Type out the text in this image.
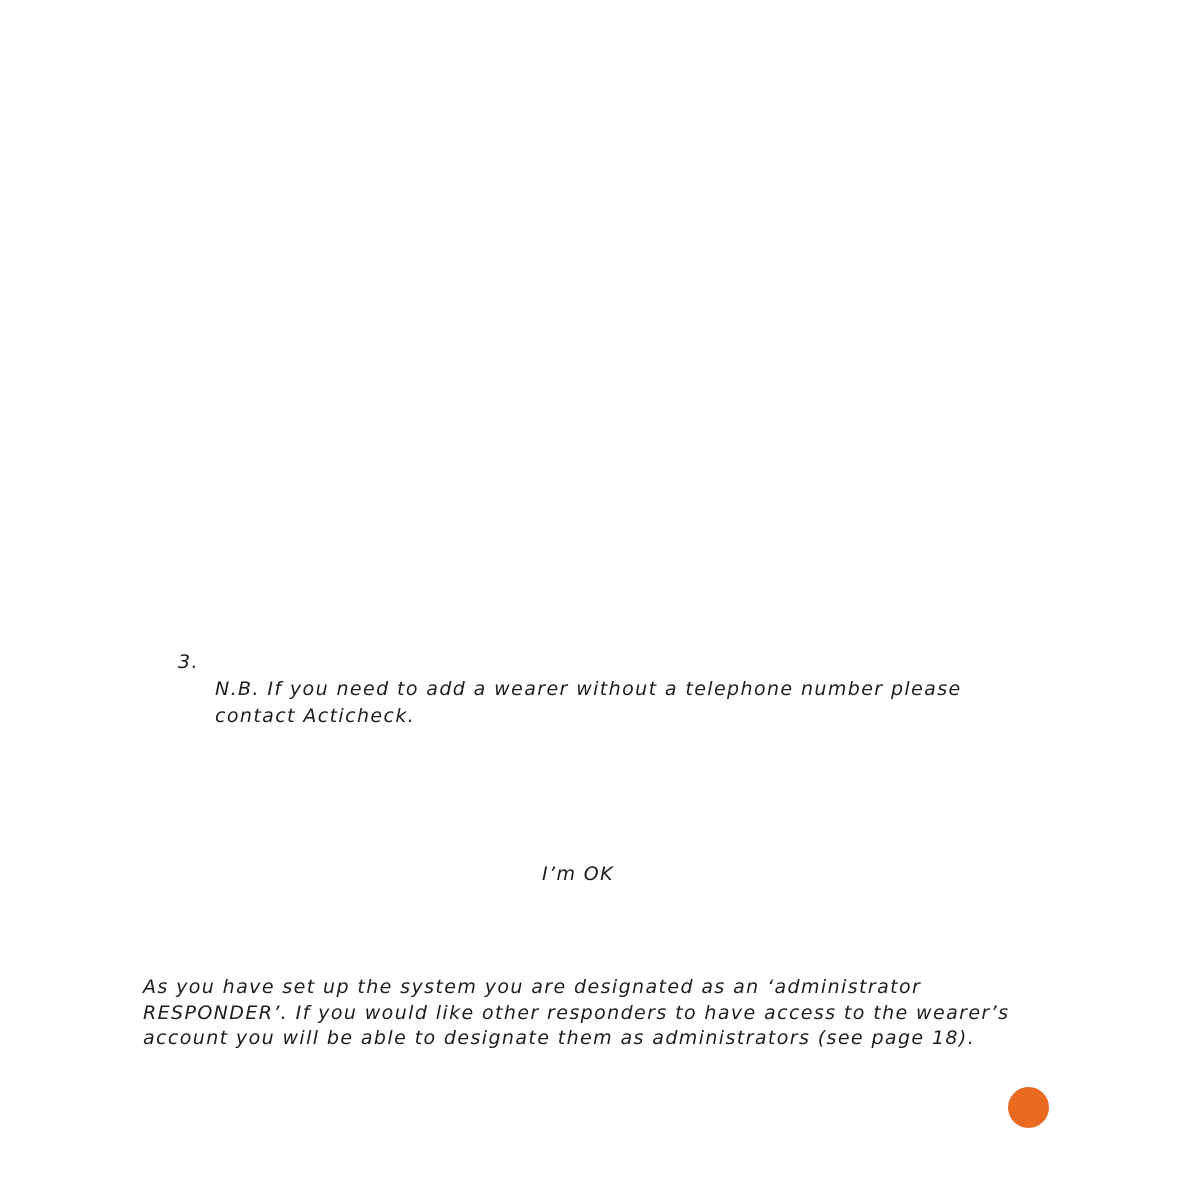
3.
N.B. If you need to add a wearer without a telephone number please
contact Acticheck.
I’m OK
As you have set up the system you are designated as an ‘administrator
RESPONDER’. If you would like other responders to have access to the wearer’s
account you will be able to designate them as administrators (see page 18).
